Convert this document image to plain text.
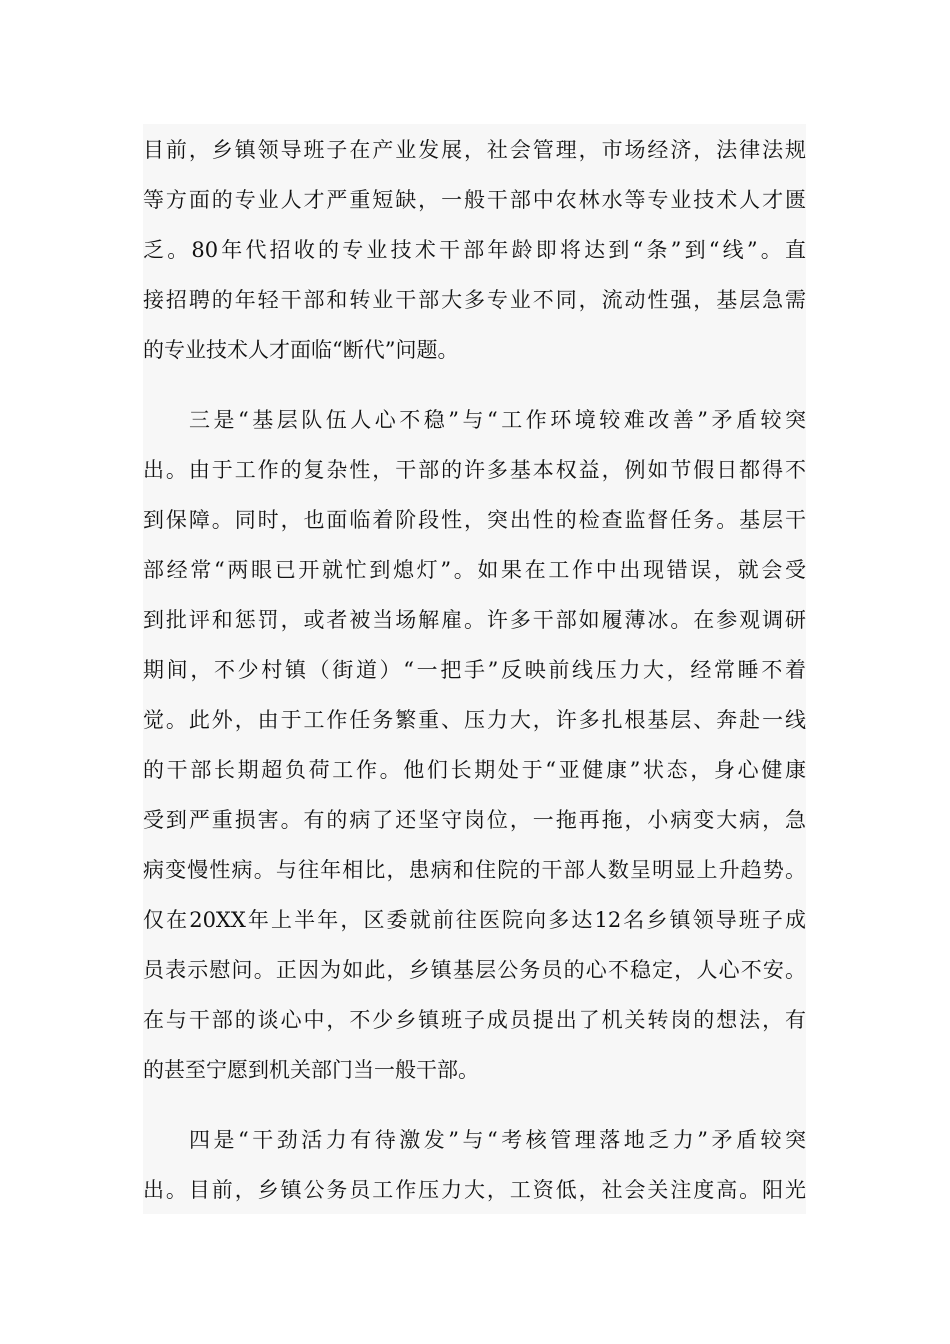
目前，乡镇领导班子在产业发展，社会管理，市场经济，法律法规
等方面的专业人才严重短缺，一般干部中农林水等专业技术人才匮
乏。80年代招收的专业技术干部年龄即将达到“条”到“线”。直
接招聘的年轻干部和转业干部大多专业不同，流动性强，基层急需
的专业技术人才面临“断代”问题。
三是“基层队伍人心不稳”与“工作环境较难改善”矛盾较突
出。由于工作的复杂性，干部的许多基本权益，例如节假日都得不
到保障。同时，也面临着阶段性，突出性的检查监督任务。基层干
部经常“两眼已开就忙到熄灯”。如果在工作中出现错误，就会受
到批评和惩罚，或者被当场解雇。许多干部如履薄冰。在参观调研
期间，不少村镇（街道）“一把手”反映前线压力大，经常睡不着
觉。此外，由于工作任务繁重、压力大，许多扎根基层、奔赴一线
的干部长期超负荷工作。他们长期处于“亚健康”状态，身心健康
受到严重损害。有的病了还坚守岗位，一拖再拖，小病变大病，急
病变慢性病。与往年相比，患病和住院的干部人数呈明显上升趋势。
仅在20XX年上半年，区委就前往医院向多达12名乡镇领导班子成
员表示慰问。正因为如此，乡镇基层公务员的心不稳定，人心不安。
在与干部的谈心中，不少乡镇班子成员提出了机关转岗的想法，有
的甚至宁愿到机关部门当一般干部。
四是“干劲活力有待激发”与“考核管理落地乏力”矛盾较突
出。目前，乡镇公务员工作压力大，工资低，社会关注度高。阳光
